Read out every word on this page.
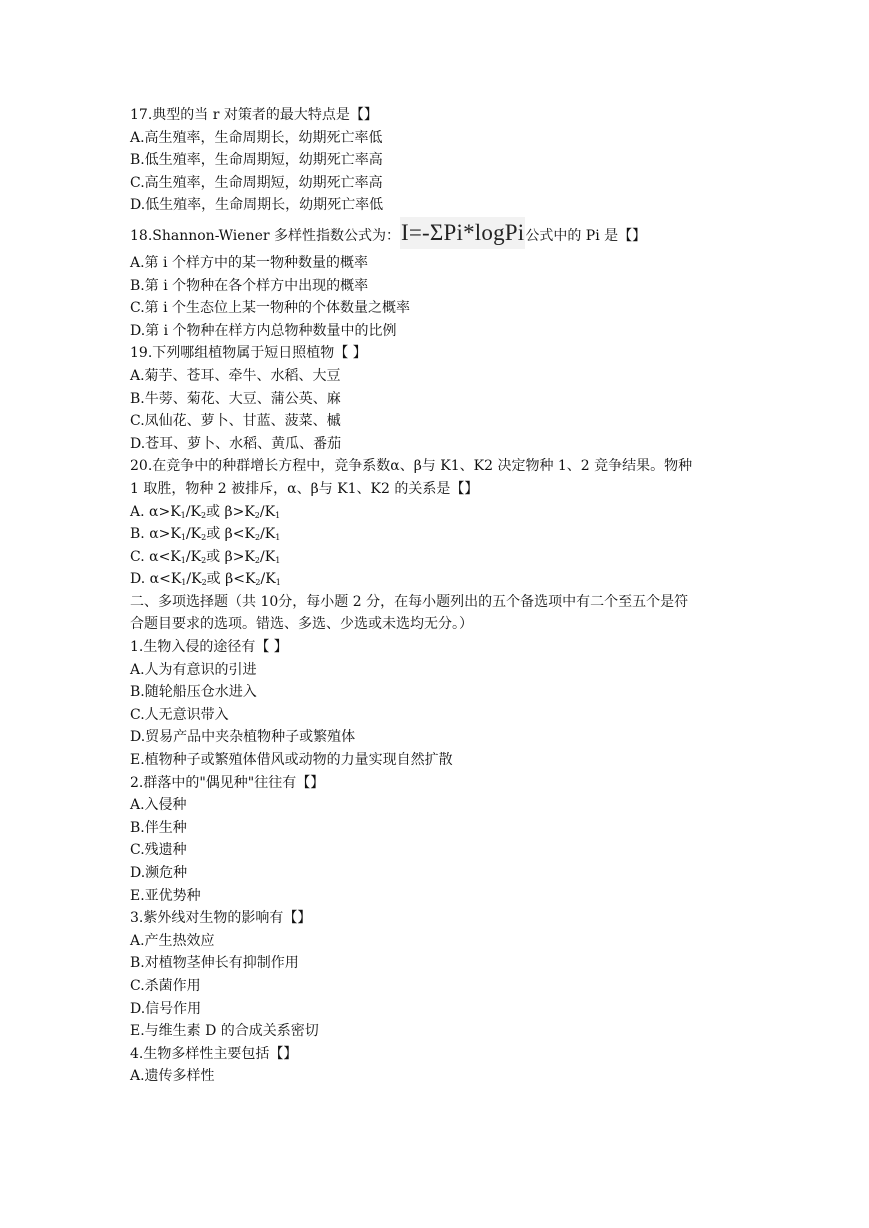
17.典型的当 r 对策者的最大特点是【】
A.高生殖率，生命周期长，幼期死亡率低
B.低生殖率，生命周期短，幼期死亡率高
C.高生殖率，生命周期短，幼期死亡率高
D.低生殖率，生命周期长，幼期死亡率低
18.Shannon-Wiener 多样性指数公式为：I=-ΣPi*logPi公式中的 Pi 是【】
A.第 i 个样方中的某一物种数量的概率
B.第 i 个物种在各个样方中出现的概率
C.第 i 个生态位上某一物种的个体数量之概率
D.第 i 个物种在样方内总物种数量中的比例
19.下列哪组植物属于短日照植物【 】
A.菊芋、苍耳、牵牛、水稻、大豆
B.牛蒡、菊花、大豆、蒲公英、麻
C.凤仙花、萝卜、甘蓝、菠菜、槭
D.苍耳、萝卜、水稻、黄瓜、番茄
20.在竞争中的种群增长方程中，竞争系数α、β与 K1、K2 决定物种 1、2 竞争结果。物种
1 取胜，物种 2 被排斥，α、β与 K1、K2 的关系是【】
A. $\alpha>K_1/K_2$或 $\beta>K_2/K_1$
B. $\alpha>K_1/K_2$或 $\beta<K_2/K_1$
C. $\alpha<K_1/K_2$或 $\beta>K_2/K_1$
D. $\alpha<K_1/K_2$或 $\beta<K_2/K_1$
二、多项选择题（共 10分，每小题 2 分，在每小题列出的五个备选项中有二个至五个是符
合题目要求的选项。错选、多选、少选或未选均无分。）
1.生物入侵的途径有【 】
A.人为有意识的引进
B.随轮船压仓水进入
C.人无意识带入
D.贸易产品中夹杂植物种子或繁殖体
E.植物种子或繁殖体借风或动物的力量实现自然扩散
2.群落中的"偶见种"往往有【】
A.入侵种
B.伴生种
C.残遗种
D.濒危种
E.亚优势种
3.紫外线对生物的影响有【】
A.产生热效应
B.对植物茎伸长有抑制作用
C.杀菌作用
D.信号作用
E.与维生素 D 的合成关系密切
4.生物多样性主要包括【】
A.遗传多样性
